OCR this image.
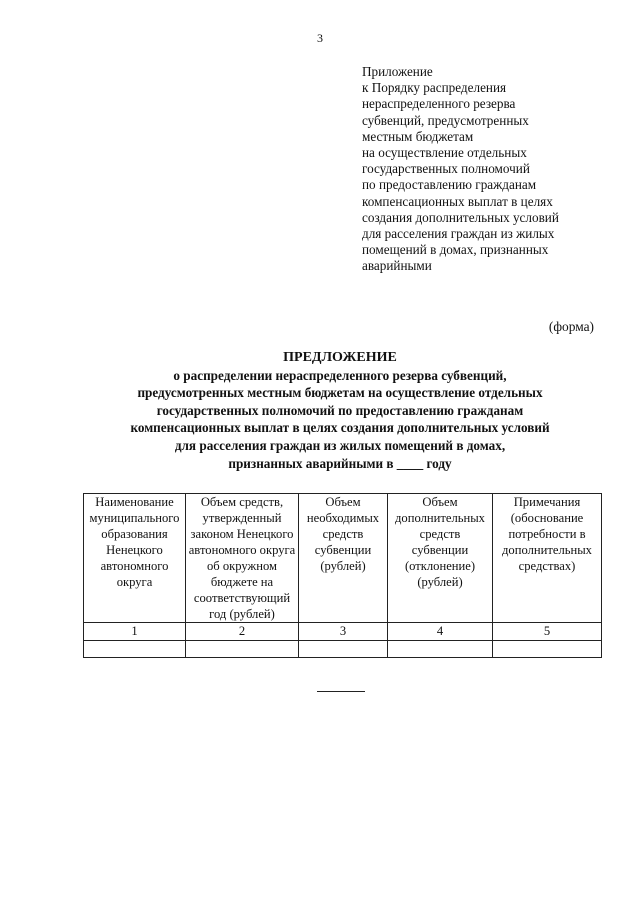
3
Приложение
к Порядку распределения
нераспределенного резерва
субвенций, предусмотренных
местным бюджетам
на осуществление отдельных
государственных полномочий
по предоставлению гражданам
компенсационных выплат в целях
создания дополнительных условий
для расселения граждан из жилых
помещений в домах, признанных
аварийными
(форма)
ПРЕДЛОЖЕНИЕ
о распределении нераспределенного резерва субвенций,
предусмотренных местным бюджетам на осуществление отдельных
государственных полномочий по предоставлению гражданам
компенсационных выплат в целях создания дополнительных условий
для расселения граждан из жилых помещений в домах,
признанных аварийными в ____ году
Наименование муниципального образования Ненецкого автономного округа	Объем средств, утвержденный законом Ненецкого автономного округа об окружном бюджете на соответствующий год (рублей)	Объем необходимых средств субвенции (рублей)	Объем дополнительных средств субвенции (отклонение) (рублей)	Примечания (обоснование потребности в дополнительных средствах)
1	2	3	4	5
